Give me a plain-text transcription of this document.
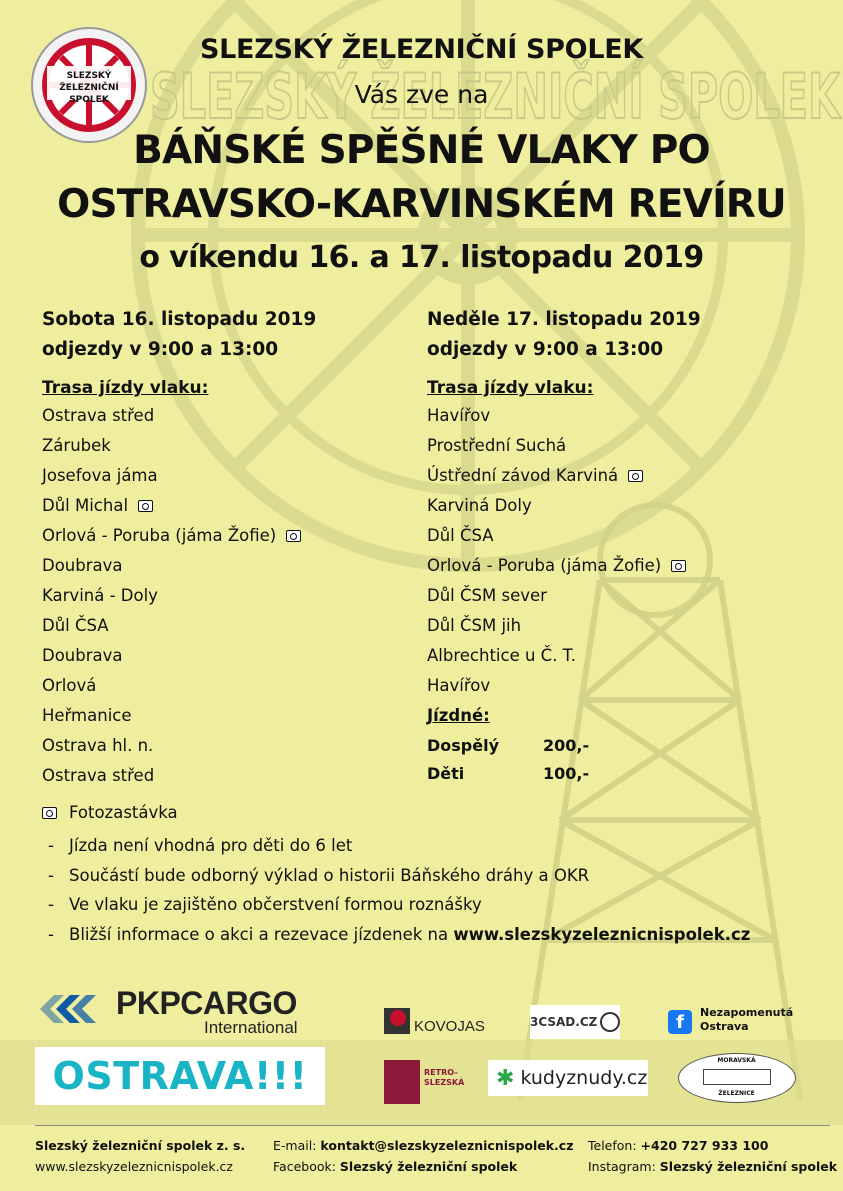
SLEZSKÝ ŽELEZNIČNÍ SPOLEK
SLEZSKÝ ŽELEZNIČNÍ
SPOLEK
SLEZSKÝ ŽELEZNIČNÍ SPOLEK
Vás zve na
BÁŇSKÉ SPĚŠNÉ VLAKY PO
OSTRAVSKO-KARVINSKÉM REVÍRU
o víkendu 16. a 17. listopadu 2019
Sobota 16. listopadu 2019
odjezdy v 9:00 a 13:00
Trasa jízdy vlaku:
Ostrava střed
Zárubek
Josefova jáma
Důl Michal
Orlová - Poruba (jáma Žofie)
Doubrava
Karviná - Doly
Důl ČSA
Doubrava
Orlová
Heřmanice
Ostrava hl. n.
Ostrava střed
Neděle 17. listopadu 2019
odjezdy v 9:00 a 13:00
Trasa jízdy vlaku:
Havířov
Prostřední Suchá
Ústřední závod Karviná
Karviná Doly
Důl ČSA
Orlová - Poruba (jáma Žofie)
Důl ČSM sever
Důl ČSM jih
Albrechtice u Č. T.
Havířov
Jízdné:
Dospělý	200,-
Děti	100,-
Fotozastávka
- Jízda není vhodná pro děti do 6 let
- Součástí bude odborný výklad o historii Báňského dráhy a OKR
- Ve vlaku je zajištěno občerstvení formou roznášky
- Bližší informace o akci a rezevace jízdenek na www.slezskyzeleznicnispolek.cz
PKPCARGO
International	KOVOJAS	3CSAD.CZ	f	Nezapomenutá
Ostrava
OSTRAVA!!!	RETRO–
SLEZSKÁ ✱ kudyznudy.cz
MORAVSKÁ
ŽELEZNICE
Slezský železniční spolek z. s.
www.slezskyzeleznicnispolek.cz
E-mail: kontakt@slezskyzeleznicnispolek.cz
Facebook: Slezský železniční spolek
Telefon: +420 727 933 100
Instagram: Slezský železniční spolek
